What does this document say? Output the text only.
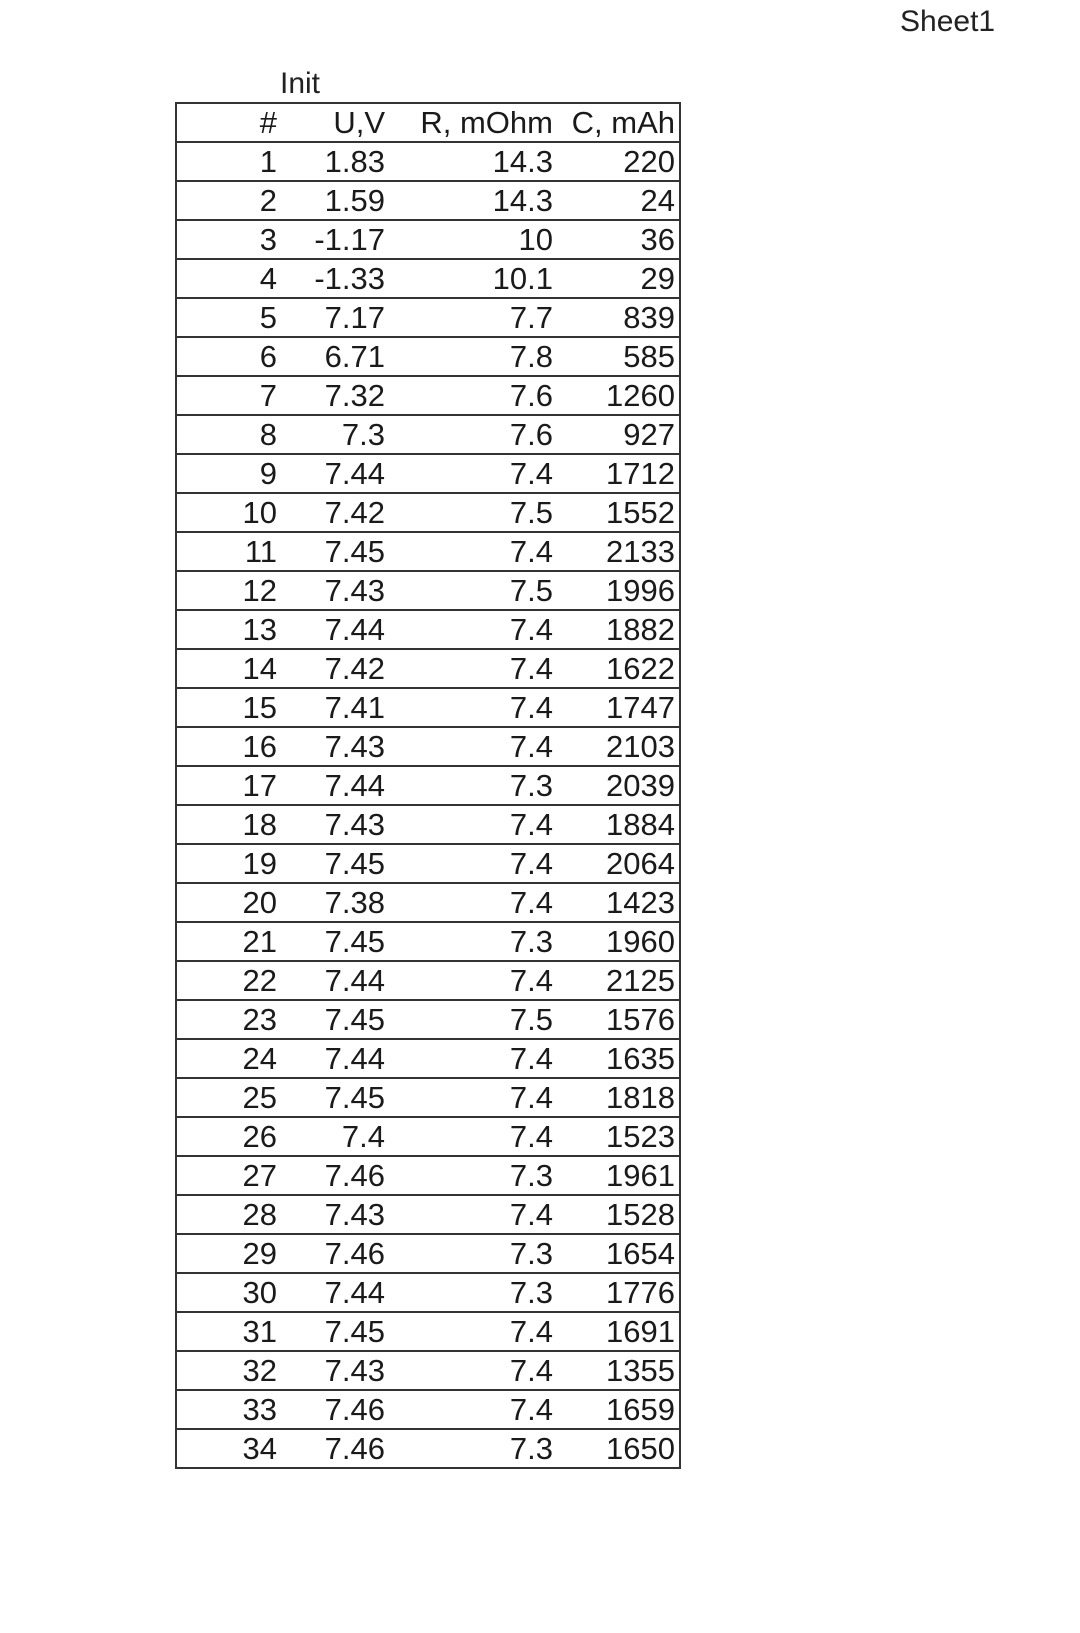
Sheet1
Init
#	U,V	R, mOhm	C, mAh
1	1.83	14.3	220
2	1.59	14.3	24
3	-1.17	10	36
4	-1.33	10.1	29
5	7.17	7.7	839
6	6.71	7.8	585
7	7.32	7.6	1260
8	7.3	7.6	927
9	7.44	7.4	1712
10	7.42	7.5	1552
11	7.45	7.4	2133
12	7.43	7.5	1996
13	7.44	7.4	1882
14	7.42	7.4	1622
15	7.41	7.4	1747
16	7.43	7.4	2103
17	7.44	7.3	2039
18	7.43	7.4	1884
19	7.45	7.4	2064
20	7.38	7.4	1423
21	7.45	7.3	1960
22	7.44	7.4	2125
23	7.45	7.5	1576
24	7.44	7.4	1635
25	7.45	7.4	1818
26	7.4	7.4	1523
27	7.46	7.3	1961
28	7.43	7.4	1528
29	7.46	7.3	1654
30	7.44	7.3	1776
31	7.45	7.4	1691
32	7.43	7.4	1355
33	7.46	7.4	1659
34	7.46	7.3	1650
